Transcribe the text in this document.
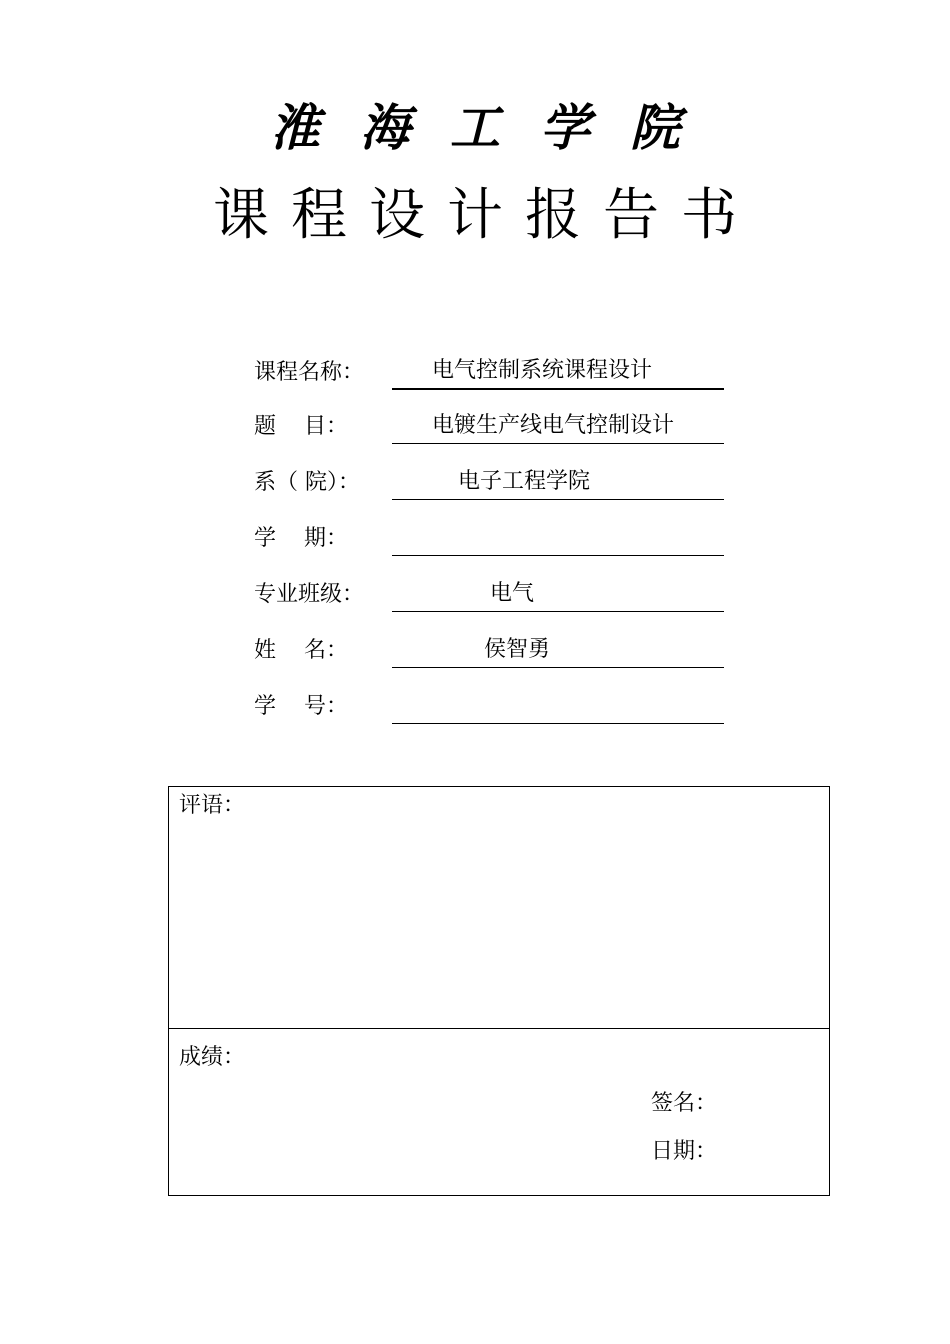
淮海工学院
课程设计报告书
课程名称：	电气控制系统课程设计
题    目：	电镀生产线电气控制设计
系（ 院）：	电子工程学院
学    期：
专业班级：	电气
姓    名：	侯智勇
学    号：
评语：
成绩：
签名：
日期：
